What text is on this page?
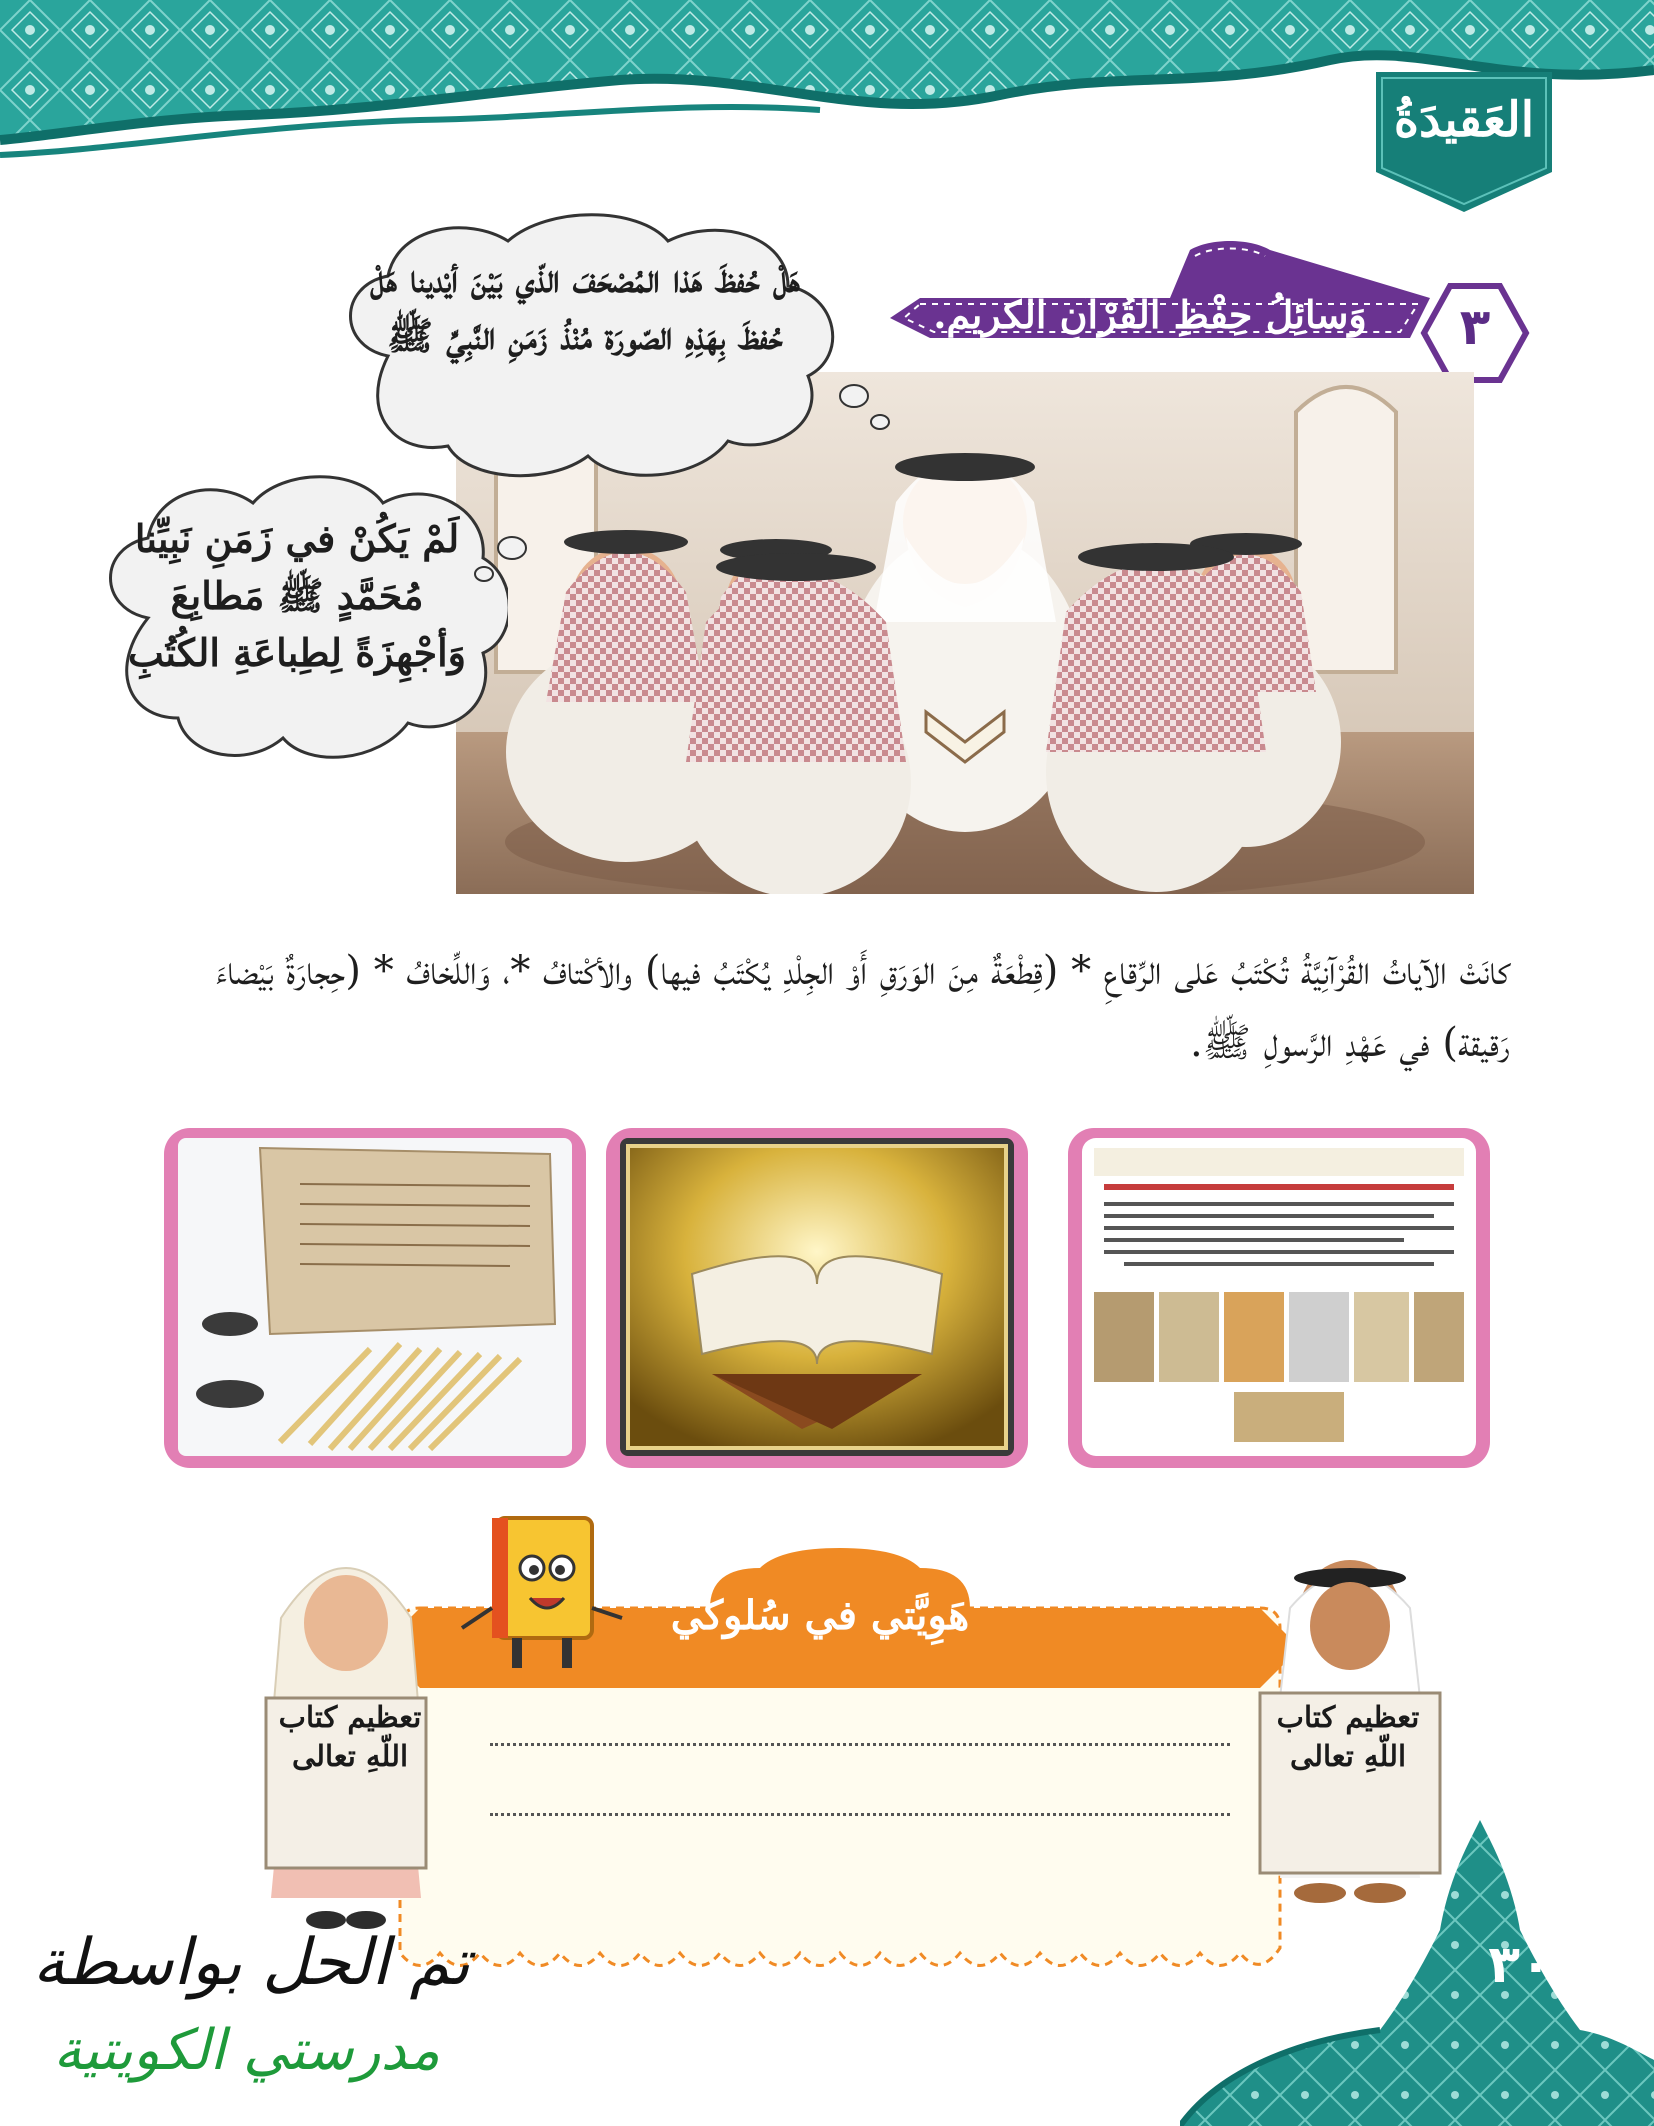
العَقيدَةُ
وَسائِلُ حِفْظِ القُرْآنِ الكريم.	٣
هَلْ حُفظَ هَذا المُصْحَفَ الذّي بَيْنَ أيْدينا هَلْ حُفظَ بِهَذِهِ الصّورَة مُنْذُ زَمَنِ النَّبِيِّ ﷺ
لَمْ يَكُنْ في زَمَنِ نَبِيِّنا مُحَمَّدٍ ﷺ مَطابِعَ وَأجْهِزَةً لِطِباعَةِ الكُتُبِ
كانَتْ الآياتُ القُرْآنِيَّةُ تُكْتَبُ عَلى الرِّقاعِ * (قِطْعَةٌ مِنَ الوَرَقِ أَوْ الجِلْدِ يُكْتَبُ فيها) والأكْتافُ *، وَاللِّخافُ * (حِجارَةٌ بَيْضاءَ رَقيقة) في عَهْدِ الرَّسولِ ﷺ.
هَوِيَّتي في سُلوكي
تعظيم كتاب اللّهِ تعالى
تعظيم كتاب اللّهِ تعالى
٣٠
تم الحل بواسطة
مدرستي الكويتية
